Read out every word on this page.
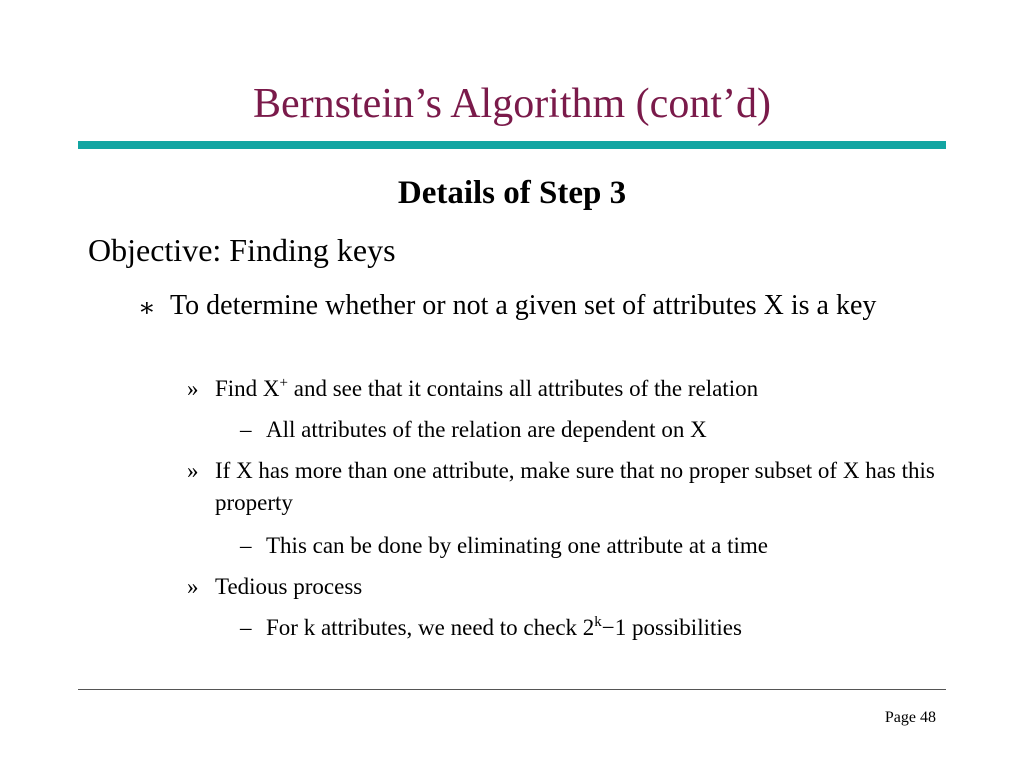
Bernstein’s Algorithm (cont’d)
Details of Step 3
Objective: Finding keys
∗ To determine whether or not a given set of attributes X is a key
» Find X+ and see that it contains all attributes of the relation
– All attributes of the relation are dependent on X
» If X has more than one attribute, make sure that no proper subset of X has this property
– This can be done by eliminating one attribute at a time
» Tedious process
– For k attributes, we need to check $2^k-1$ possibilities
Page 48
